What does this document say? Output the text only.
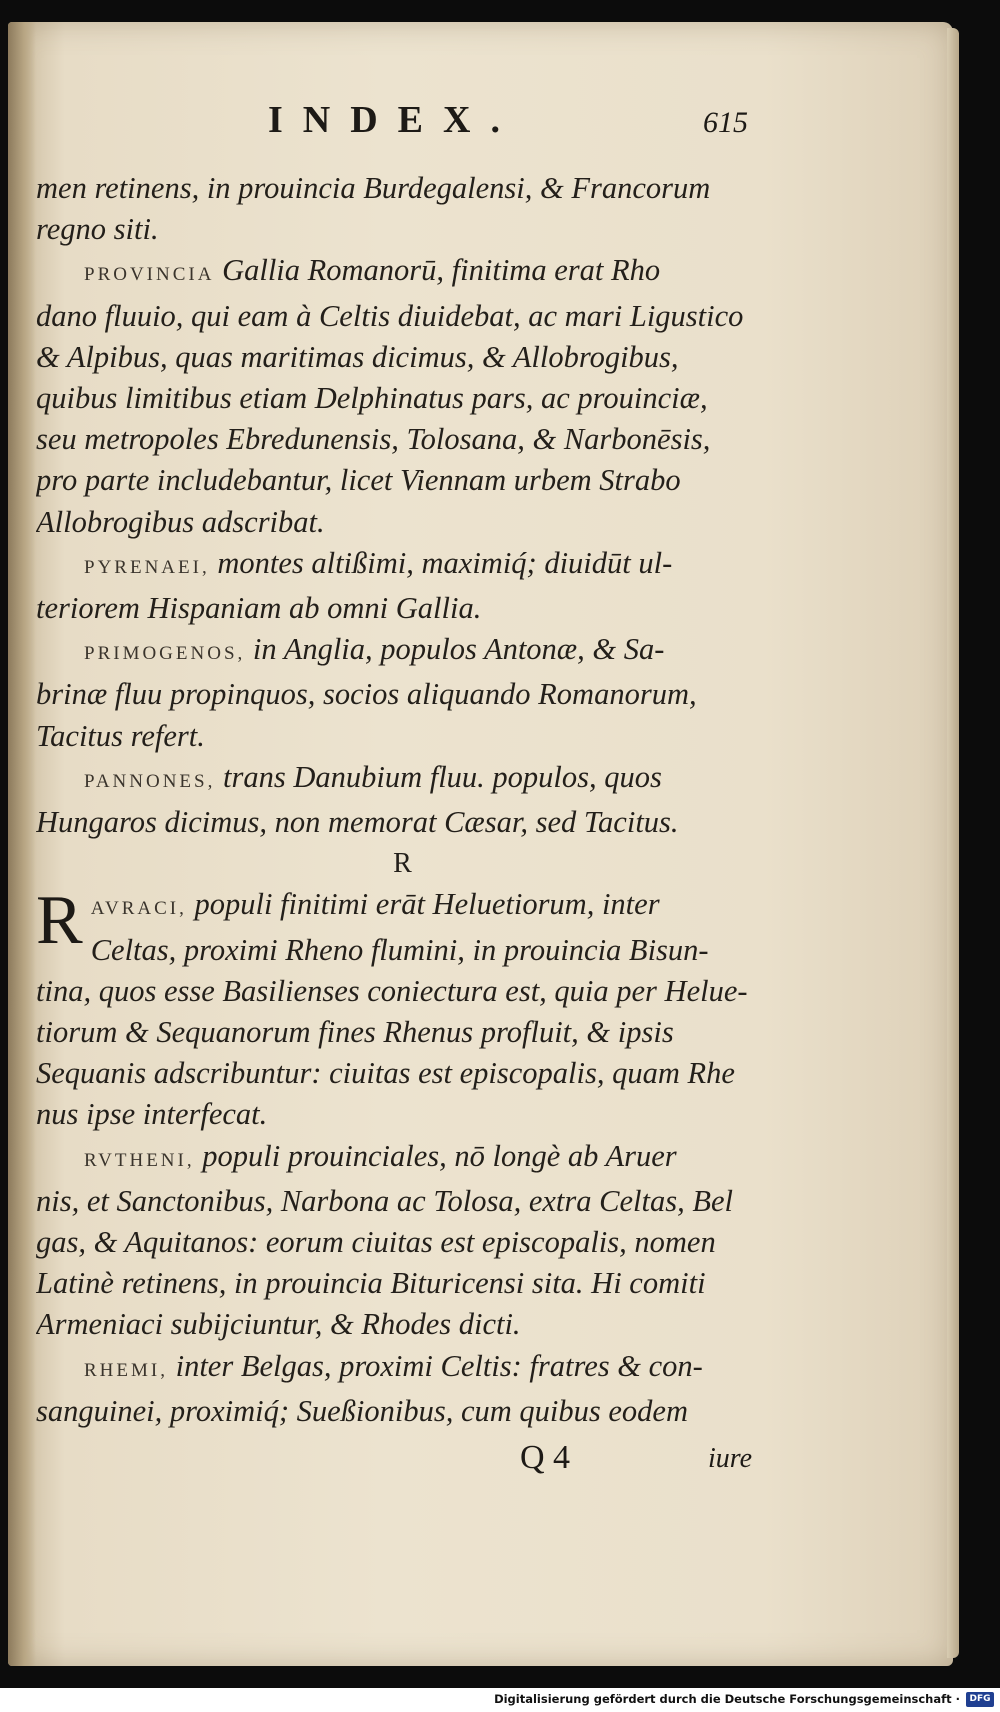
INDEX.	615
men retinens, in prouincia Burdegalensi, & Francorum
regno siti.
PROVINCIA Gallia Romanorū, finitima erat Rho
dano fluuio, qui eam à Celtis diuidebat, ac mari Ligustico
& Alpibus, quas maritimas dicimus, & Allobrogibus,
quibus limitibus etiam Delphinatus pars, ac prouinciæ,
seu metropoles Ebredunensis, Tolosana, & Narbonēsis,
pro parte includebantur, licet Viennam urbem Strabo
Allobrogibus adscribat.
PYRENAEI, montes altißimi, maximiq́; diuidūt ul-
teriorem Hispaniam ab omni Gallia.
PRIMOGENOS, in Anglia, populos Antonæ, & Sa-
brinæ fluu propinquos, socios aliquando Romanorum,
Tacitus refert.
PANNONES, trans Danubium fluu. populos, quos
Hungaros dicimus, non memorat Cæsar, sed Tacitus.
R
R AVRACI, populi finitimi erāt Heluetiorum, inter
Celtas, proximi Rheno flumini, in prouincia Bisun-
tina, quos esse Basilienses coniectura est, quia per Helue-
tiorum & Sequanorum fines Rhenus profluit, & ipsis
Sequanis adscribuntur: ciuitas est episcopalis, quam Rhe
nus ipse interfecat.
RVTHENI, populi prouinciales, nō longè ab Aruer
nis, et Sanctonibus, Narbona ac Tolosa, extra Celtas, Bel
gas, & Aquitanos: eorum ciuitas est episcopalis, nomen
Latinè retinens, in prouincia Bituricensi sita. Hi comiti
Armeniaci subijciuntur, & Rhodes dicti.
RHEMI, inter Belgas, proximi Celtis: fratres & con-
sanguinei, proximiq́; Sueßionibus, cum quibus eodem
Q 4	iure
Digitalisierung gefördert durch die Deutsche Forschungsgemeinschaft ·	DFG
